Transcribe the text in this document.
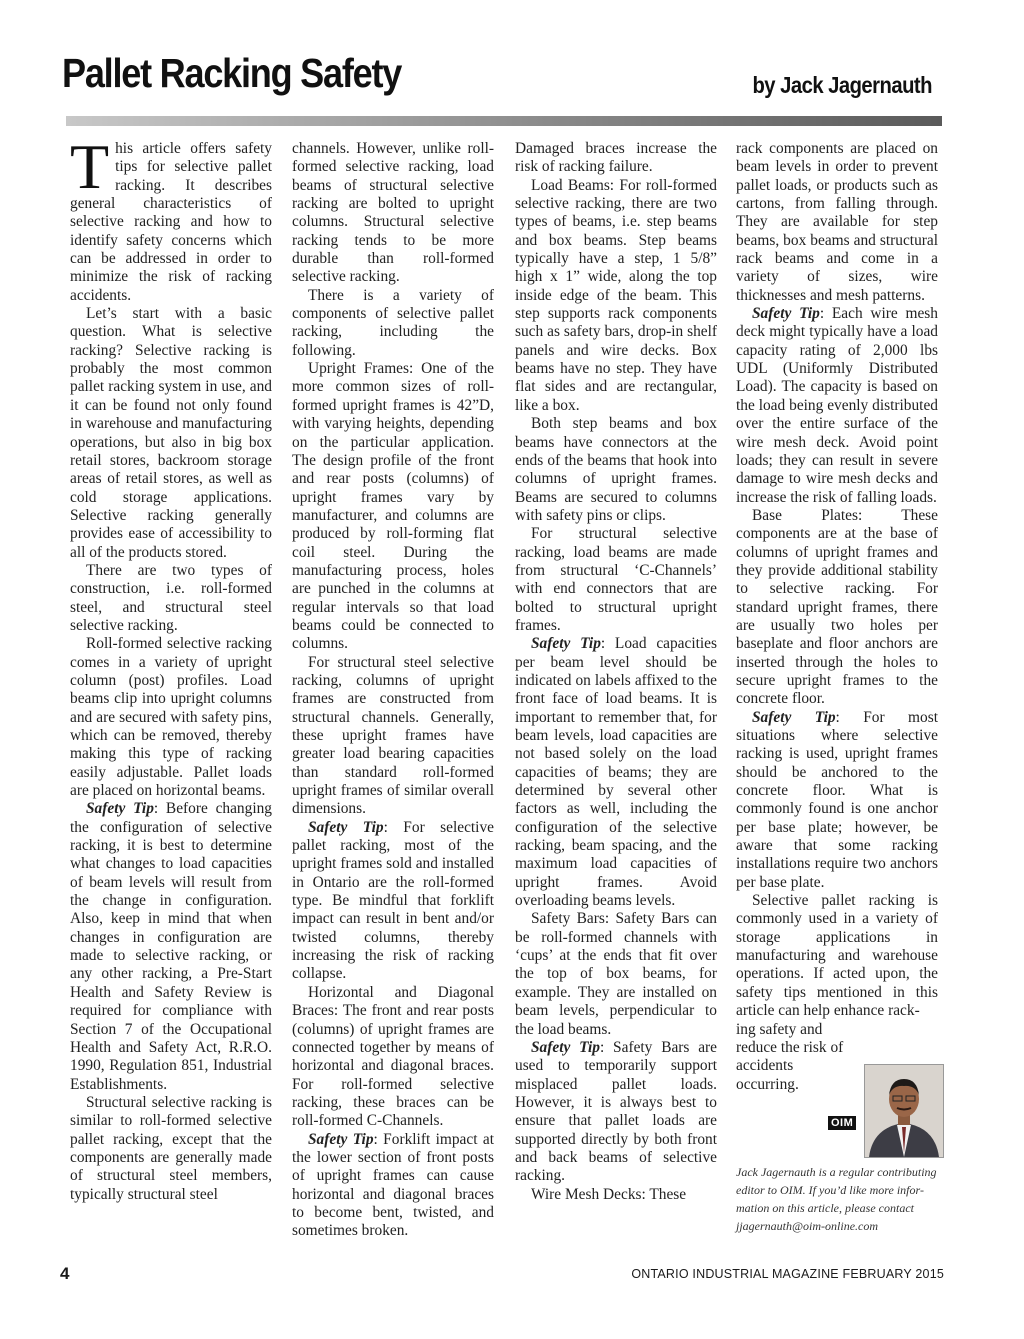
Pallet Racking Safety	by Jack Jagernauth

This article offers safety tips for selective pallet racking. It describes general characteristics of selective racking and how to identify safety concerns which can be addressed in order to minimize the risk of racking accidents.

Let’s start with a basic question. What is selective racking? Selective racking is probably the most common pallet racking system in use, and it can be found not only found in warehouse and manufacturing operations, but also in big box retail stores, backroom storage areas of retail stores, as well as cold storage applications. Selective racking generally provides ease of accessibility to all of the products stored.

There are two types of construction, i.e. roll-formed steel, and structural steel selective racking.

Roll-formed selective racking comes in a variety of upright column (post) profiles. Load beams clip into upright columns and are secured with safety pins, which can be removed, thereby making this type of racking easily adjustable. Pallet loads are placed on horizontal beams.

Safety Tip: Before changing the configuration of selective racking, it is best to determine what changes to load capacities of beam levels will result from the change in configuration. Also, keep in mind that when changes in configuration are made to selective racking, or any other racking, a Pre-Start Health and Safety Review is required for compliance with Section 7 of the Occupational Health and Safety Act, R.R.O. 1990, Regulation 851, Industrial Establishments.

Structural selective racking is similar to roll-formed selective pallet racking, except that the components are generally made of structural steel members, typically structural steel

channels. However, unlike roll-formed selective racking, load beams of structural selective racking are bolted to upright columns. Structural selective racking tends to be more durable than roll-formed selective racking.

There is a variety of components of selective pallet racking, including the following.

Upright Frames: One of the more common sizes of roll-formed upright frames is 42”D, with varying heights, depending on the particular application. The design profile of the front and rear posts (columns) of upright frames vary by manufacturer, and columns are produced by roll-forming flat coil steel. During the manufacturing process, holes are punched in the columns at regular intervals so that load beams could be connected to columns.

For structural steel selective racking, columns of upright frames are constructed from structural channels. Generally, these upright frames have greater load bearing capacities than standard roll-formed upright frames of similar overall dimensions.

Safety Tip: For selective pallet racking, most of the upright frames sold and installed in Ontario are the roll-formed type. Be mindful that forklift impact can result in bent and/or twisted columns, thereby increasing the risk of racking collapse.

Horizontal and Diagonal Braces: The front and rear posts (columns) of upright frames are connected together by means of horizontal and diagonal braces. For roll-formed selective racking, these braces can be roll-formed C-Channels.

Safety Tip: Forklift impact at the lower section of front posts of upright frames can cause horizontal and diagonal braces to become bent, twisted, and sometimes broken.

Damaged braces increase the risk of racking failure.

Load Beams: For roll-formed selective racking, there are two types of beams, i.e. step beams and box beams. Step beams typically have a step, 1 5/8” high x 1” wide, along the top inside edge of the beam. This step supports rack components such as safety bars, drop-in shelf panels and wire decks. Box beams have no step. They have flat sides and are rectangular, like a box.

Both step beams and box beams have connectors at the ends of the beams that hook into columns of upright frames. Beams are secured to columns with safety pins or clips.

For structural selective racking, load beams are made from structural ‘C-Channels’ with end connectors that are bolted to structural upright frames.

Safety Tip: Load capacities per beam level should be indicated on labels affixed to the front face of load beams. It is important to remember that, for beam levels, load capacities are not based solely on the load capacities of beams; they are determined by several other factors as well, including the configuration of the selective racking, beam spacing, and the maximum load capacities of upright frames. Avoid overloading beams levels.

Safety Bars: Safety Bars can be roll-formed channels with ‘cups’ at the ends that fit over the top of box beams, for example. They are installed on beam levels, perpendicular to the load beams.

Safety Tip: Safety Bars are used to temporarily support misplaced pallet loads. However, it is always best to ensure that pallet loads are supported directly by both front and back beams of selective racking.

Wire Mesh Decks: These

rack components are placed on beam levels in order to prevent pallet loads, or products such as cartons, from falling through. They are available for step beams, box beams and structural rack beams and come in a variety of sizes, wire thicknesses and mesh patterns.

Safety Tip: Each wire mesh deck might typically have a load capacity rating of 2,000 lbs UDL (Uniformly Distributed Load). The capacity is based on the load being evenly distributed over the entire surface of the wire mesh deck. Avoid point loads; they can result in severe damage to wire mesh decks and increase the risk of falling loads.

Base Plates: These components are at the base of columns of upright frames and they provide additional stability to selective racking. For standard upright frames, there are usually two holes per baseplate and floor anchors are inserted through the holes to secure upright frames to the concrete floor.

Safety Tip: For most situations where selective racking is used, upright frames should be anchored to the concrete floor. What is commonly found is one anchor per base plate; however, be aware that some racking installations require two anchors per base plate.

Selective pallet racking is commonly used in a variety of storage applications in manufacturing and warehouse operations. If acted upon, the safety tips mentioned in this article can help enhance rack-

ing safety and reduce the risk of accidents occurring.

OIM

Jack Jagernauth is a regular contributing

editor to OIM. If you’d like more infor-

mation on this article, please contact

jjagernauth@oim-online.com

4	ONTARIO INDUSTRIAL MAGAZINE FEBRUARY 2015
